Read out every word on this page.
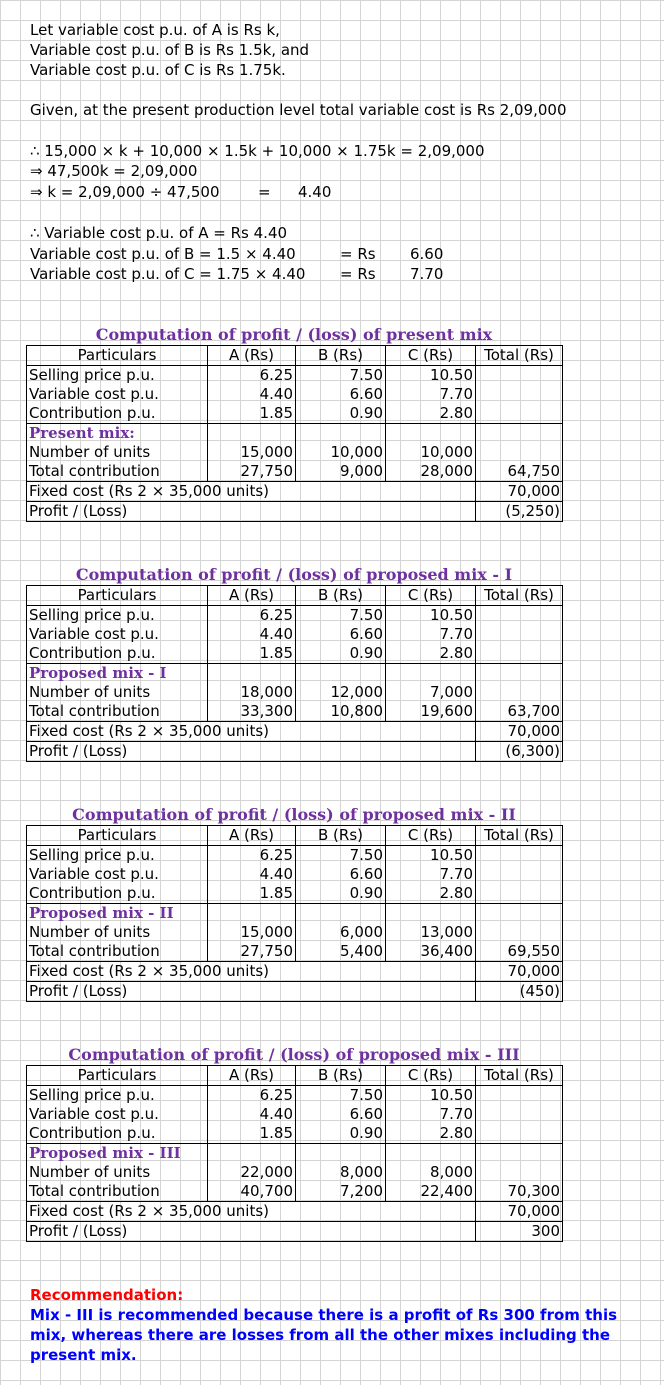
Let variable cost p.u. of A is Rs k,
Variable cost p.u. of B is Rs 1.5k, and
Variable cost p.u. of C is Rs 1.75k.
Given, at the present production level total variable cost is Rs 2,09,000
∴ 15,000 × k + 10,000 × 1.5k + 10,000 × 1.75k = 2,09,000
⇒ 47,500k = 2,09,000
⇒ k = 2,09,000 ÷ 47,500	= 4.40
∴ Variable cost p.u. of A = Rs 4.40
Variable cost p.u. of B = 1.5 × 4.40	= Rs 6.60
Variable cost p.u. of C = 1.75 × 4.40 = Rs 7.70
Computation of profit / (loss) of present mix
Particulars	A (Rs)	B (Rs)	C (Rs)	Total (Rs)
Selling price p.u.	6.25	7.50	10.50	
Variable cost p.u.	4.40	6.60	7.70	
Contribution p.u.	1.85	0.90	2.80	
Present mix:				
Number of units	15,000	10,000	10,000	
Total contribution	27,750	9,000	28,000	64,750
Fixed cost (Rs 2 × 35,000 units)				70,000
Profit / (Loss)				(5,250)
Computation of profit / (loss) of proposed mix - I
Particulars	A (Rs)	B (Rs)	C (Rs)	Total (Rs)
Selling price p.u.	6.25	7.50	10.50	
Variable cost p.u.	4.40	6.60	7.70	
Contribution p.u.	1.85	0.90	2.80	
Proposed mix - I				
Number of units	18,000	12,000	7,000	
Total contribution	33,300	10,800	19,600	63,700
Fixed cost (Rs 2 × 35,000 units)				70,000
Profit / (Loss)				(6,300)
Computation of profit / (loss) of proposed mix - II
Particulars	A (Rs)	B (Rs)	C (Rs)	Total (Rs)
Selling price p.u.	6.25	7.50	10.50	
Variable cost p.u.	4.40	6.60	7.70	
Contribution p.u.	1.85	0.90	2.80	
Proposed mix - II				
Number of units	15,000	6,000	13,000	
Total contribution	27,750	5,400	36,400	69,550
Fixed cost (Rs 2 × 35,000 units)				70,000
Profit / (Loss)				(450)
Computation of profit / (loss) of proposed mix - III
Particulars	A (Rs)	B (Rs)	C (Rs)	Total (Rs)
Selling price p.u.	6.25	7.50	10.50	
Variable cost p.u.	4.40	6.60	7.70	
Contribution p.u.	1.85	0.90	2.80	
Proposed mix - III				
Number of units	22,000	8,000	8,000	
Total contribution	40,700	7,200	22,400	70,300
Fixed cost (Rs 2 × 35,000 units)				70,000
Profit / (Loss)				300
Recommendation:
Mix - III is recommended because there is a profit of Rs 300 from this mix, whereas there are losses from all the other mixes including the present mix.
